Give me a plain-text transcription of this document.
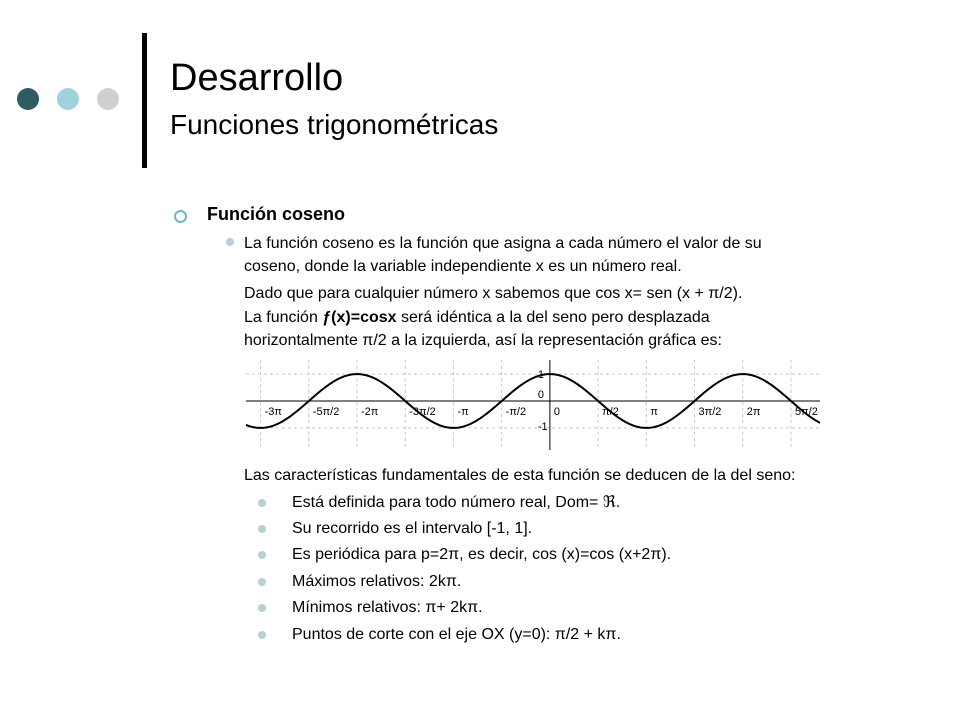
Desarrollo
Funciones trigonométricas
Función coseno
La función coseno es la función que asigna a cada número el valor de su
coseno, donde la variable independiente x es un número real.
Dado que para cualquier número x sabemos que cos x= sen (x + π/2).
La función ƒ(x)=cosx será idéntica a la del seno pero desplazada
horizontalmente π/2 a la izquierda, así la representación gráfica es:
-3π	-5π/2 -2π	-3π/2 -π	-π/2	0	π/2	π	3π/2 2π	5π/2
1
0
-1
Las características fundamentales de esta función se deducen de la del seno:
Está definida para todo número real, Dom= ℜ.
Su recorrido es el intervalo [-1, 1].
Es periódica para p=2π, es decir, cos (x)=cos (x+2π).
Máximos relativos: 2kπ.
Mínimos relativos: π+ 2kπ.
Puntos de corte con el eje OX (y=0): π/2 + kπ.
